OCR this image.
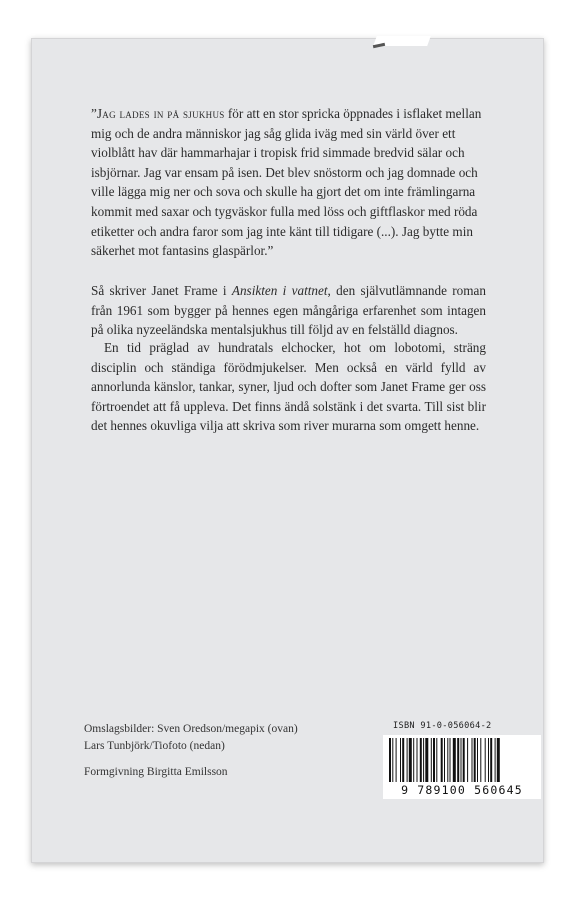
”Jag lades in på sjukhus för att en stor spricka öppnades i isflaket mellan mig och de andra människor jag såg glida iväg med sin värld över ett violblått hav där hammarhajar i tropisk frid simmade bredvid sälar och isbjörnar. Jag var ensam på isen. Det blev snöstorm och jag domnade och ville lägga mig ner och sova och skulle ha gjort det om inte främlingarna kommit med saxar och tygväskor fulla med löss och giftflaskor med röda etiketter och andra faror som jag inte känt till tidigare (...). Jag bytte min säkerhet mot fantasins glaspärlor.”

Så skriver Janet Frame i Ansikten i vattnet, den självutlämnande roman från 1961 som bygger på hennes egen mångåriga erfarenhet som intagen på olika nyzeeländska mentalsjukhus till följd av en felställd diagnos.

En tid präglad av hundratals elchocker, hot om lobotomi, sträng disciplin och ständiga förödmjukelser. Men också en värld fylld av annorlunda känslor, tankar, syner, ljud och dofter som Janet Frame ger oss förtroendet att få uppleva. Det finns ändå solstänk i det svarta. Till sist blir det hennes okuvliga vilja att skriva som river murarna som omgett henne.

Omslagsbilder: Sven Oredson/megapix (ovan)
Lars Tunbjörk/Tiofoto (nedan)

Formgivning Birgitta Emilsson

ISBN 91-0-056064-2
9 789100 560645
